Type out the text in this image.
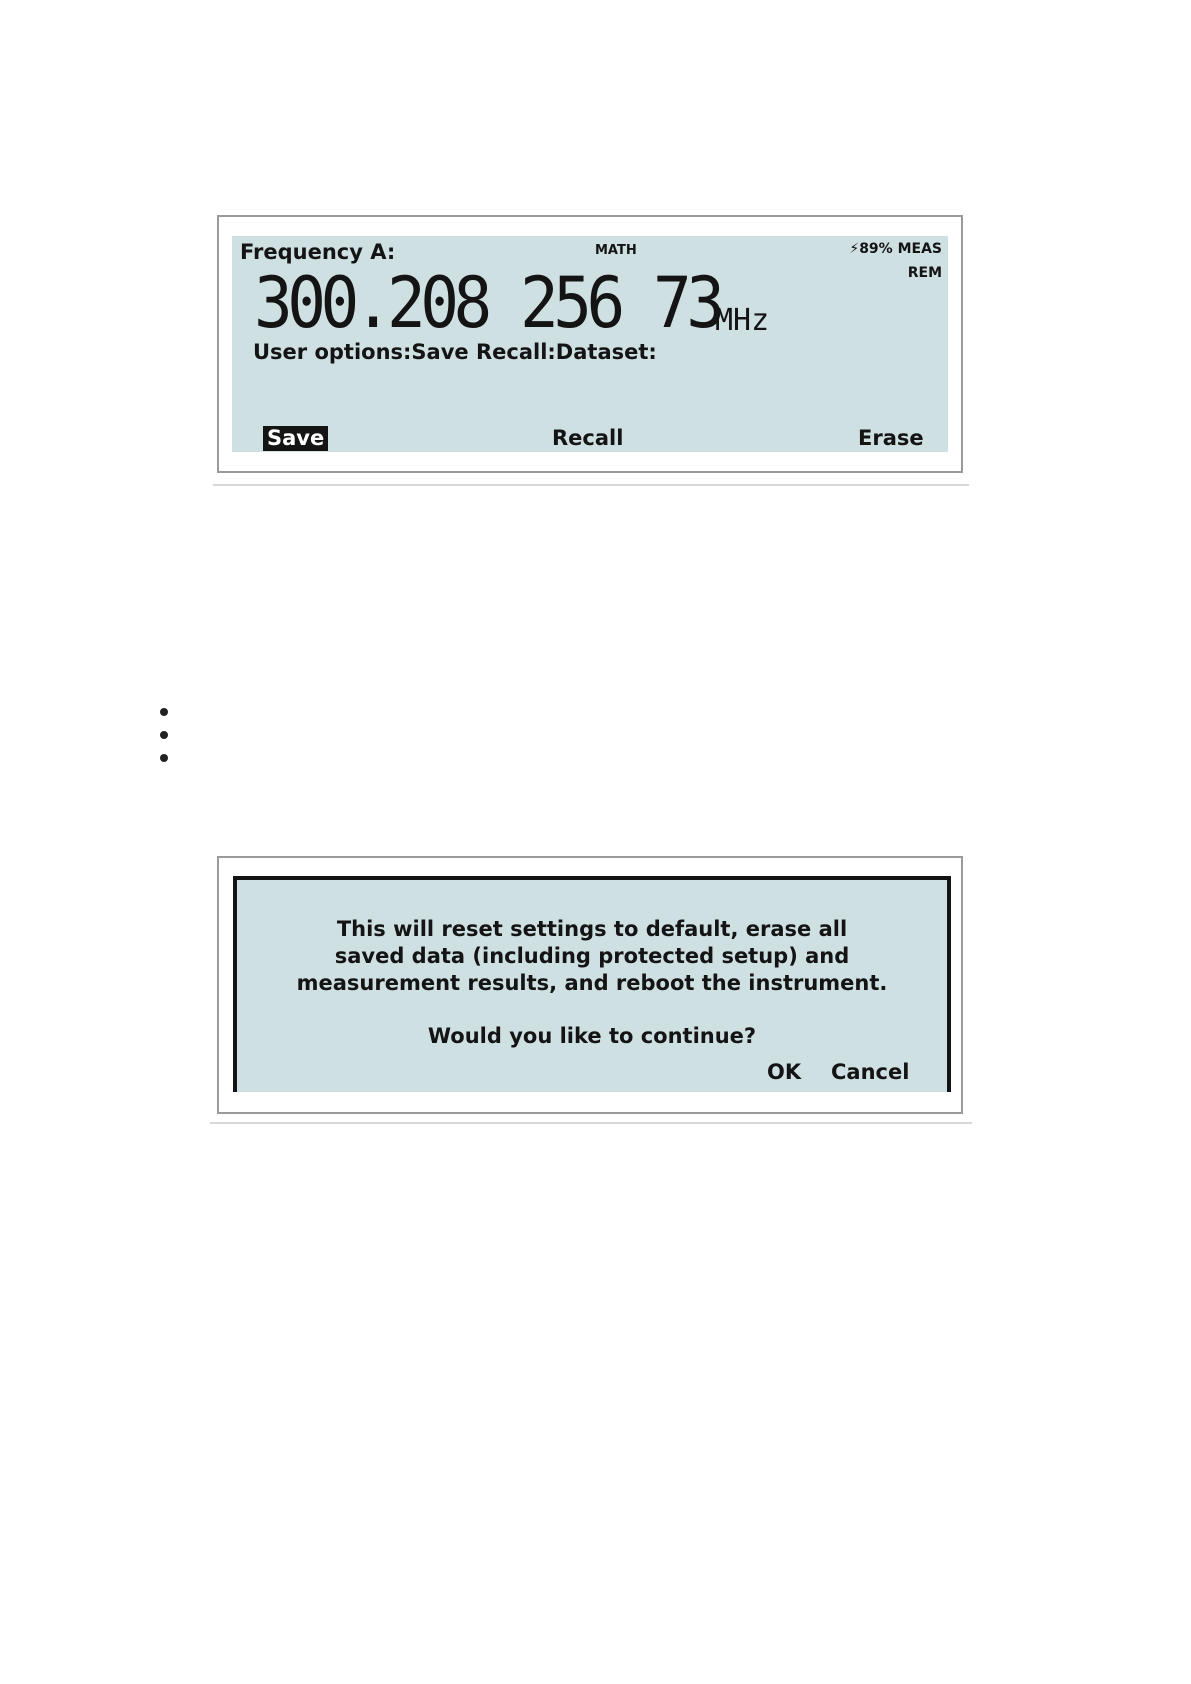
Frequency A:	MATH	⚡89% MEAS
REM
300.208 256 73
MHz
User options:Save Recall:Dataset:
Save	Recall	Erase
This will reset settings to default, erase all
saved data (including protected setup) and
measurement results, and reboot the instrument.
Would you like to continue?
OK Cancel
